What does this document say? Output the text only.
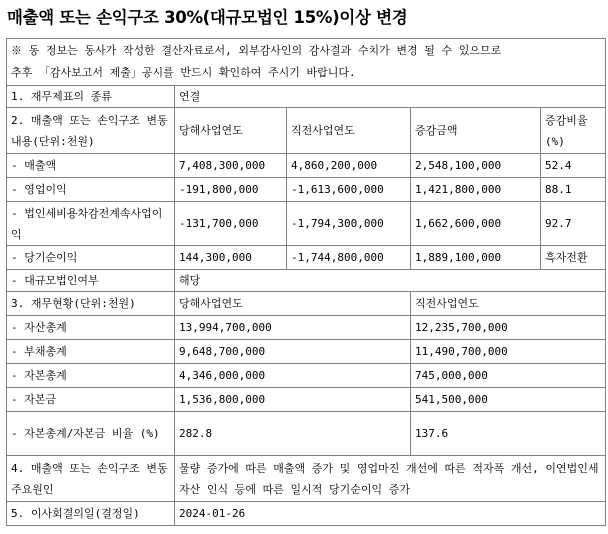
매출액 또는 손익구조 30%(대규모법인 15%)이상 변경
※ 동 정보는 동사가 작성한 결산자료로서, 외부감사인의 감사결과 수치가 변경 될 수 있으므로
추후 「감사보고서 제출」공시를 반드시 확인하여 주시기 바랍니다.				

1. 재무제표의 종류	연결			
2. 매출액 또는 손익구조 변동내용(단위:천원)	당해사업연도	직전사업연도	증감금액	증감비율 (%)
- 매출액	7,408,300,000	4,860,200,000	2,548,100,000	52.4
- 영업이익	-191,800,000	-1,613,600,000	1,421,800,000	88.1
- 법인세비용차감전계속사업이익	-131,700,000	-1,794,300,000	1,662,600,000	92.7
- 당기순이익	144,300,000	-1,744,800,000	1,889,100,000	흑자전환
- 대규모법인여부	해당			
3. 재무현황(단위:천원)	당해사업연도		직전사업연도	
- 자산총계	13,994,700,000		12,235,700,000	
- 부채총계	9,648,700,000		11,490,700,000	
- 자본총계	4,346,000,000		745,000,000	
- 자본금	1,536,800,000		541,500,000	
- 자본총계/자본금 비율 (%)	282.8		137.6	
4. 매출액 또는 손익구조 변동 주요원인	물량 증가에 따른 매출액 증가 및 영업마진 개선에 따른 적자폭 개선, 이연법인세 자산 인식 등에 따른 일시적 당기순이익 증가			
5. 이사회결의일(결정일)	2024-01-26			
